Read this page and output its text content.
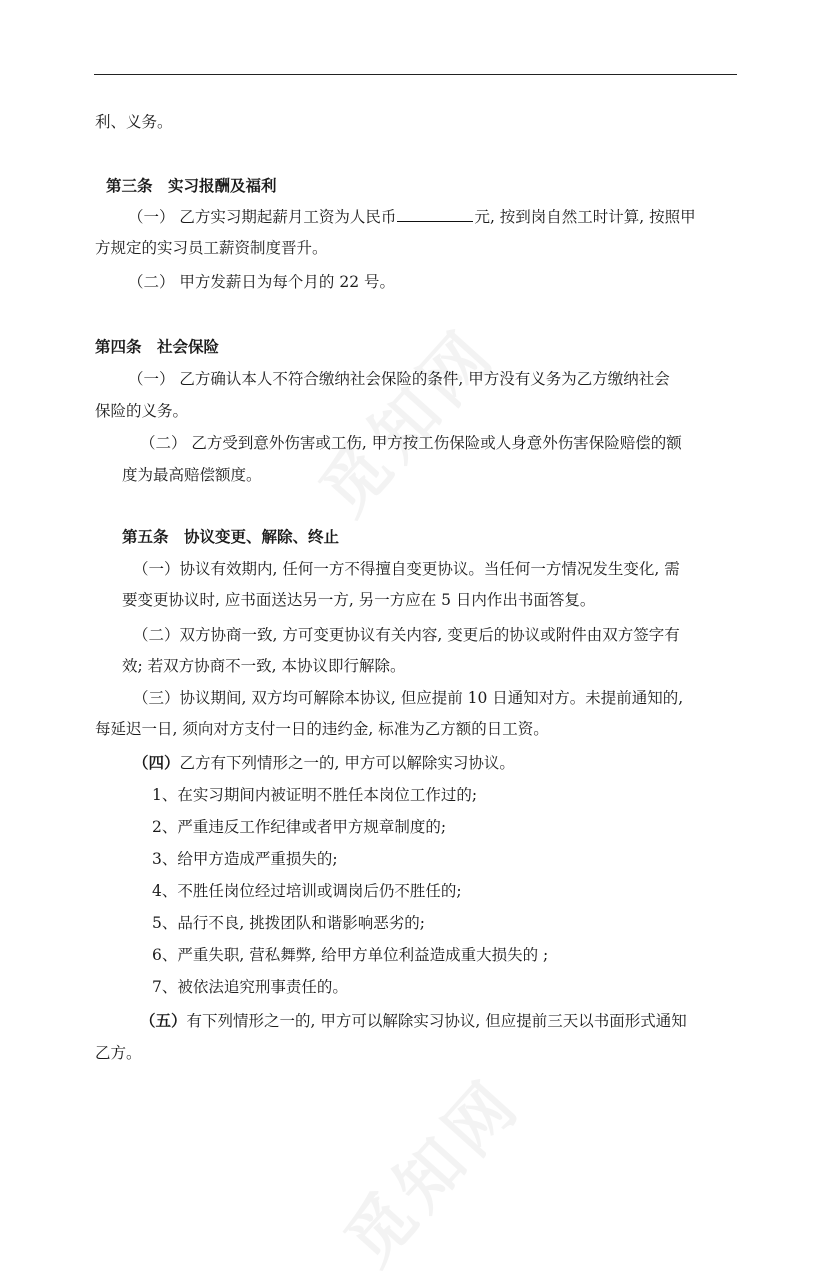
利、义务。
第三条　实习报酬及福利
（一） 乙方实习期起薪月工资为人民币	元, 按到岗自然工时计算, 按照甲
方规定的实习员工薪资制度晋升。
（二） 甲方发薪日为每个月的 22 号。
第四条　社会保险
（一） 乙方确认本人不符合缴纳社会保险的条件, 甲方没有义务为乙方缴纳社会
保险的义务。
（二） 乙方受到意外伤害或工伤, 甲方按工伤保险或人身意外伤害保险赔偿的额
度为最高赔偿额度。
第五条　协议变更、解除、终止
（一）协议有效期内, 任何一方不得擅自变更协议。当任何一方情况发生变化, 需
要变更协议时, 应书面送达另一方, 另一方应在 5 日内作出书面答复。
（二）双方协商一致, 方可变更协议有关内容, 变更后的协议或附件由双方签字有
效; 若双方协商不一致, 本协议即行解除。
（三）协议期间, 双方均可解除本协议, 但应提前 10 日通知对方。未提前通知的,
每延迟一日, 须向对方支付一日的违约金, 标准为乙方额的日工资。
（四）乙方有下列情形之一的, 甲方可以解除实习协议。
1、在实习期间内被证明不胜任本岗位工作过的;
2、严重违反工作纪律或者甲方规章制度的;
3、给甲方造成严重损失的;
4、不胜任岗位经过培训或调岗后仍不胜任的;
5、品行不良, 挑拨团队和谐影响恶劣的;
6、严重失职, 营私舞弊, 给甲方单位利益造成重大损失的 ;
7、被依法追究刑事责任的。
（五）有下列情形之一的, 甲方可以解除实习协议, 但应提前三天以书面形式通知
乙方。
